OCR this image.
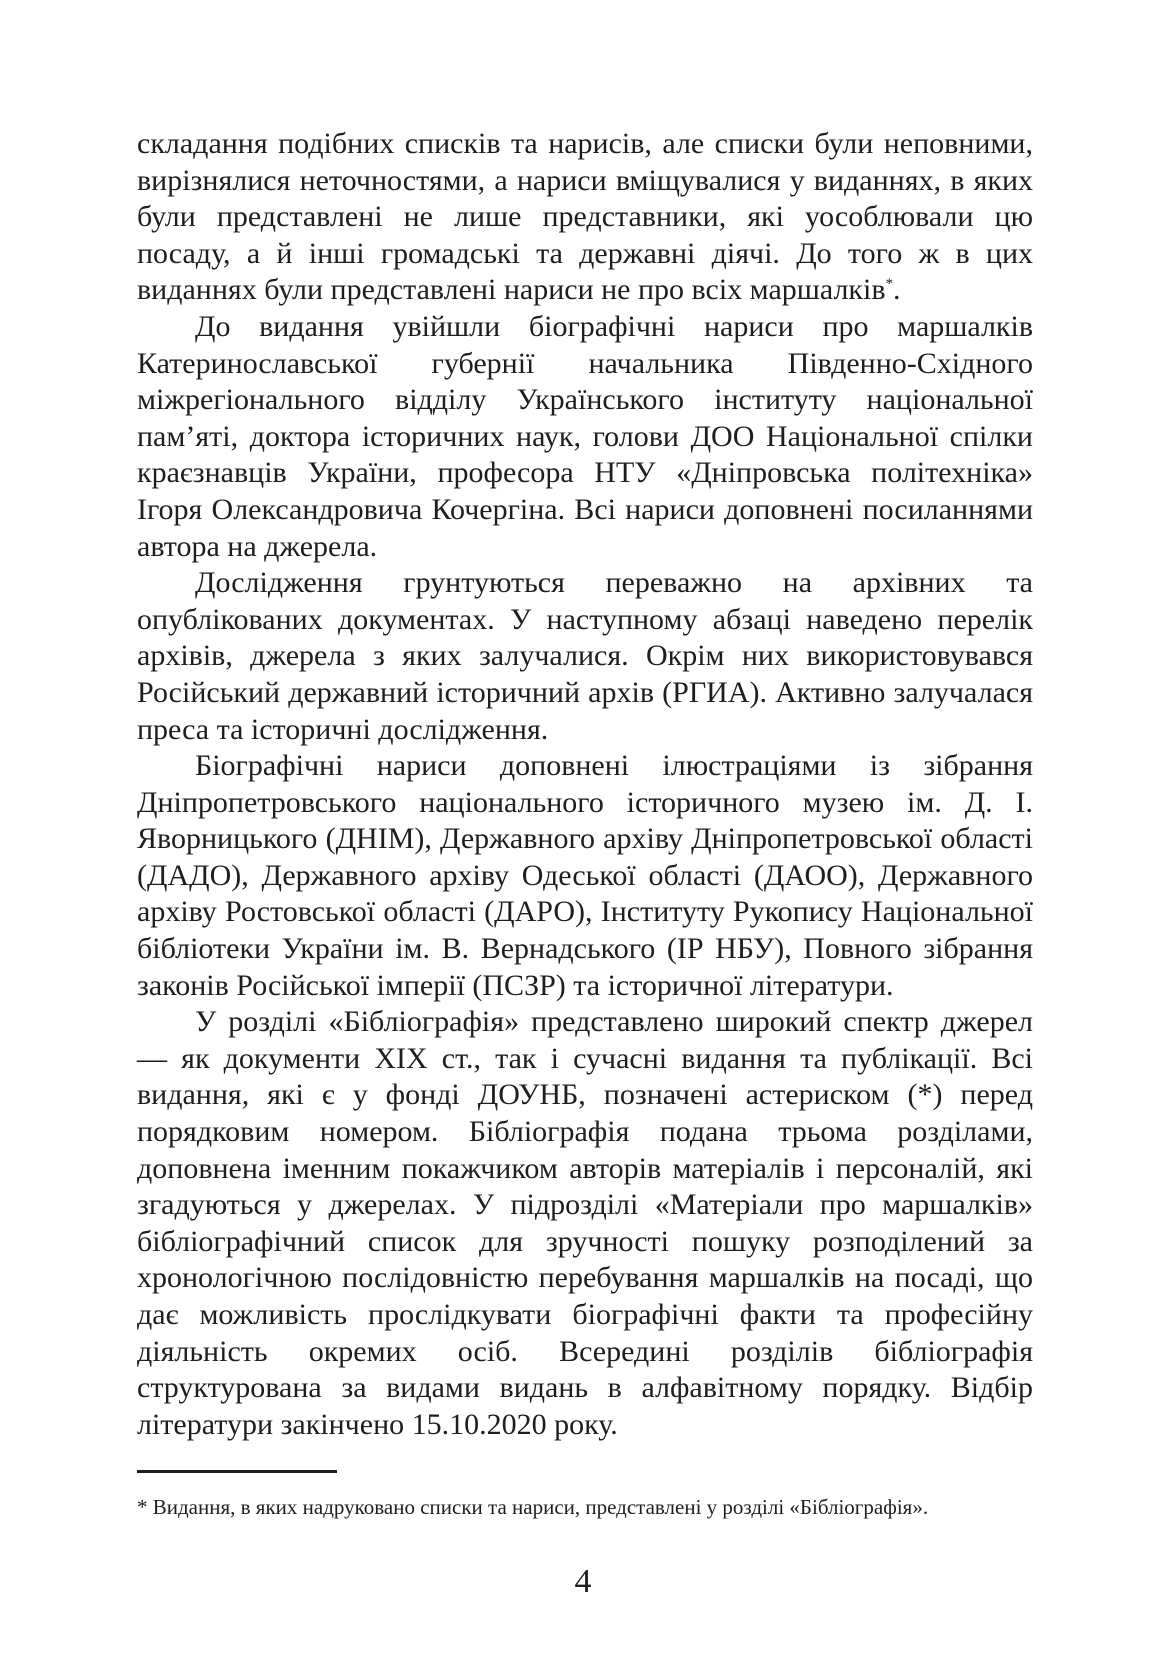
складання подібних списків та нарисів, але списки були неповними, вирізнялися неточностями, а нариси вміщувалися у виданнях, в яких були представлені не лише представники, які уособлювали цю посаду, а й інші громадські та державні діячі. До того ж в цих виданнях були представлені нариси не про всіх маршалків*.

До видання увійшли біографічні нариси про маршалків Катеринославської губернії начальника Південно-Східного міжрегіонального відділу Українського інституту національної пам’яті, доктора історичних наук, голови ДОО Національної спілки краєзнавців України, професора НТУ «Дніпровська політехніка» Ігоря Олександровича Кочергіна. Всі нариси доповнені посиланнями автора на джерела.

Дослідження грунтуються переважно на архівних та опублікованих документах. У наступному абзаці наведено перелік архівів, джерела з яких залучалися. Окрім них використовувався Російський державний історичний архів (РГИА). Активно залучалася преса та історичні дослідження.

Біографічні нариси доповнені ілюстраціями із зібрання Дніпропетровського національного історичного музею ім. Д. І. Яворницького (ДНІМ), Державного архіву Дніпропетровської області (ДАДО), Державного архіву Одеської області (ДАОО), Державного архіву Ростовської області (ДАРО), Інституту Рукопису Національної бібліотеки України ім. В. Вернадського (ІР НБУ), Повного зібрання законів Російської імперії (ПСЗР) та історичної літератури.

У розділі «Бібліографія» представлено широкий спектр джерел — як документи ХІХ ст., так і сучасні видання та публікації. Всі видання, які є у фонді ДОУНБ, позначені астериском (*) перед порядковим номером. Бібліографія подана трьома розділами, доповнена іменним покажчиком авторів матеріалів і персоналій, які згадуються у джерелах. У підрозділі «Матеріали про маршалків» бібліографічний список для зручності пошуку розподілений за хронологічною послідовністю перебування маршалків на посаді, що дає можливість прослідкувати біографічні факти та професійну діяльність окремих осіб. Всередині розділів бібліографія структурована за видами видань в алфавітному порядку. Відбір літератури закінчено 15.10.2020 року.

* Видання, в яких надруковано списки та нариси, представлені у розділі «Бібліографія».

4
